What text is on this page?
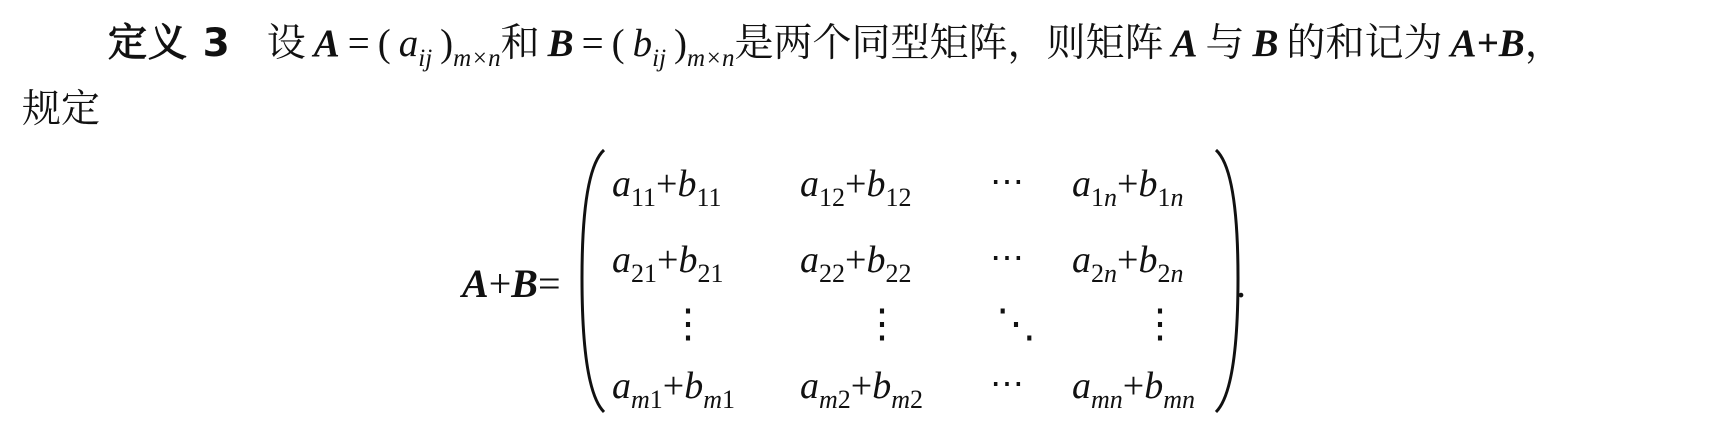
定义 3 设 A = ( $a_{ij}$ )$_{m\times n}$和 B = ( $b_{ij}$ )$_{m\times n}$是两个同型矩阵，则矩阵 A 与 B 的和记为 A+B，
规定
A+B=
$a_{11}+b_{11}$ $a_{12}+b_{12}$ ⋯ $a_{1n}+b_{1n}$
$a_{21}+b_{21}$ $a_{22}+b_{22}$ ⋯ $a_{2n}+b_{2n}$
⋮	⋮ ⋱	⋮
$a_{m1}+b_{m1}$ $a_{m2}+b_{m2}$ ⋯ $a_{mn}+b_{mn}$
.
